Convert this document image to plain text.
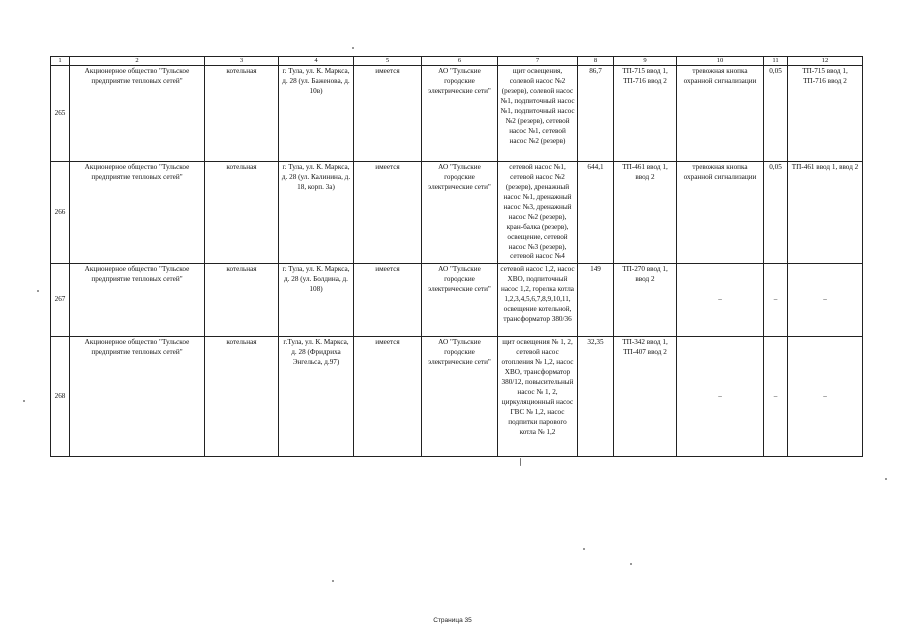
1	2	3	4	5	6	7	8	9	10	11	12
265	Акционерное общество "Тульское предприятие тепловых сетей"	котельная	г. Тула, ул. К. Маркса, д. 28 (ул. Баженова, д. 10в)	имеется	АО "Тульские городские электрические сети"	щит освещения, солевой насос №2 (резерв), солевой насос №1, подпиточный насос №1, подпиточный насос №2 (резерв), сетевой насос №1, сетевой насос №2 (резерв)	86,7	ТП-715 ввод 1, ТП-716 ввод 2	тревожная кнопка охранной сигнализации	0,05	ТП-715 ввод 1, ТП-716 ввод 2
266	Акционерное общество "Тульское предприятие тепловых сетей"	котельная	г. Тула, ул. К. Маркса, д. 28 (ул. Калинина, д. 18, корп. 3а)	имеется	АО "Тульские городские электрические сети"	сетевой насос №1, сетевой насос №2 (резерв), дренажный насос №1, дренажный насос №3, дренажный насос №2 (резерв), кран-балка (резерв), освещение, сетевой насос №3 (резерв), сетевой насос №4	644,1	ТП-461 ввод 1, ввод 2	тревожная кнопка охранной сигнализации	0,05	ТП-461 ввод 1, ввод 2
267	Акционерное общество "Тульское предприятие тепловых сетей"	котельная	г. Тула, ул. К. Маркса, д. 28 (ул. Болдина, д. 108)	имеется	АО "Тульские городские электрические сети"	сетевой насос 1,2, насос ХВО, подпиточный насос 1,2, горелка котла 1,2,3,4,5,6,7,8,9,10,11, освещение котельной, трансформатор 380/36	149	ТП-270 ввод 1, ввод 2	–	–	–
268	Акционерное общество "Тульское предприятие тепловых сетей"	котельная	г.Тула, ул. К. Маркса, д. 28 (Фридриха Энгельса, д.97)	имеется	АО "Тульские городские электрические сети"	щит освещения № 1, 2, сетевой насос отопления № 1,2, насос ХВО, трансформатор 380/12, повысительный насос № 1, 2, циркуляционный насос ГВС № 1,2, насос подпитки парового котла № 1,2	32,35	ТП-342 ввод 1, ТП-407 ввод 2	–	–	–
Страница 35
